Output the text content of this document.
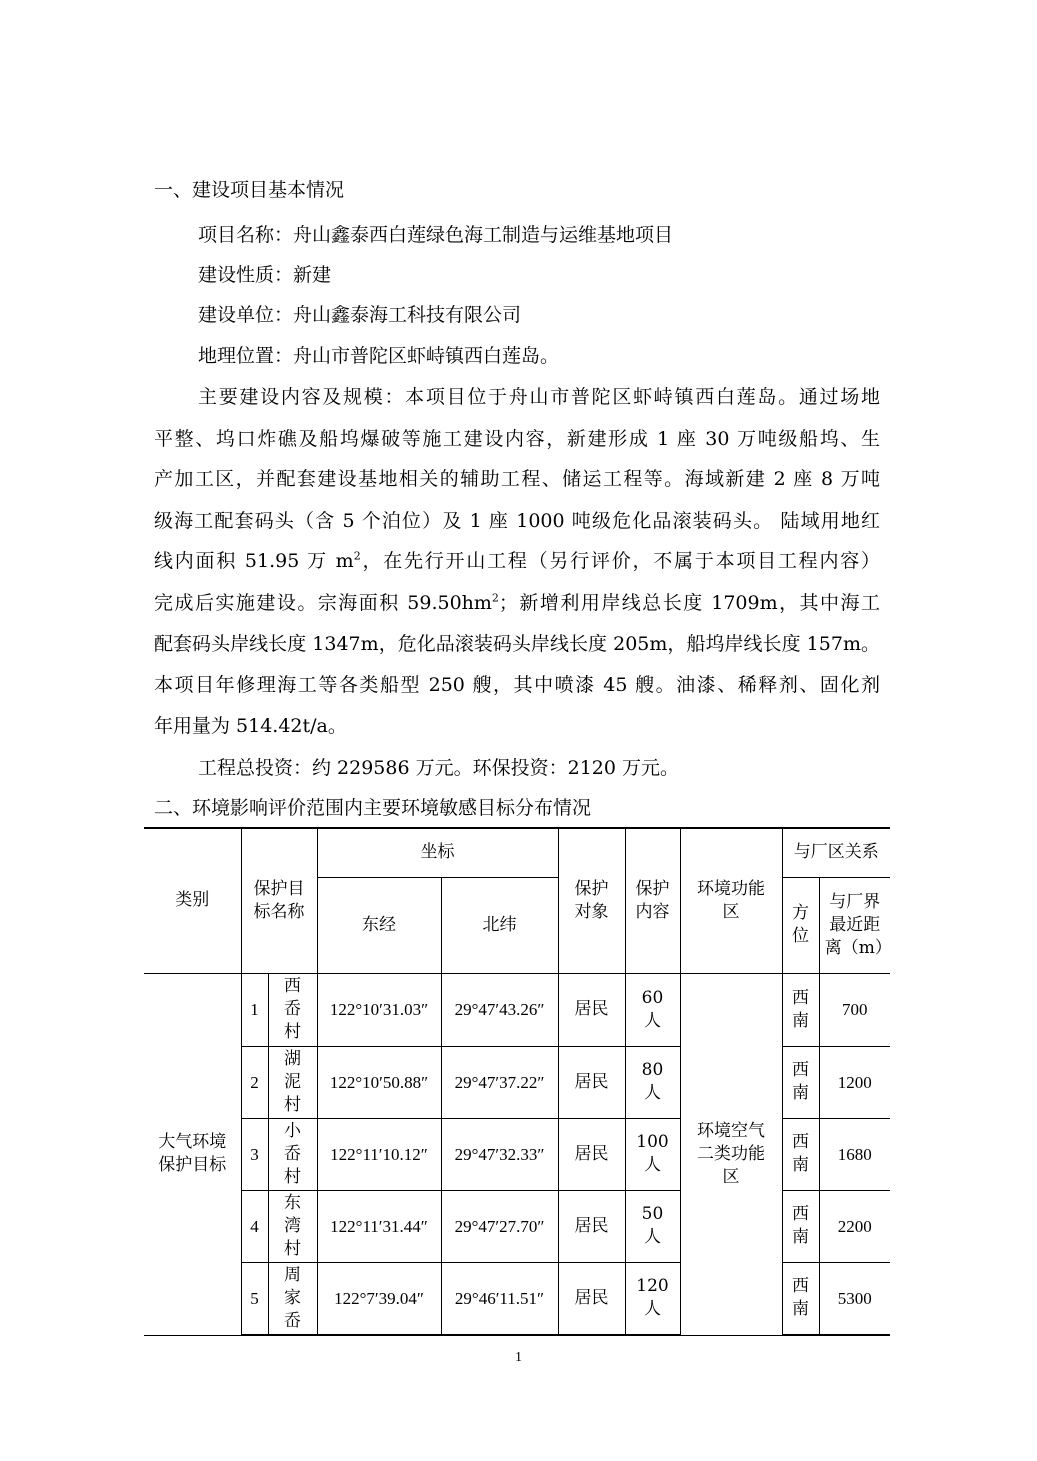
一、建设项目基本情况
项目名称：舟山鑫泰西白莲绿色海工制造与运维基地项目
建设性质：新建
建设单位：舟山鑫泰海工科技有限公司
地理位置：舟山市普陀区虾峙镇西白莲岛。
主要建设内容及规模：本项目位于舟山市普陀区虾峙镇西白莲岛。通过场地
平整、坞口炸礁及船坞爆破等施工建设内容，新建形成 1 座 30 万吨级船坞、生
产加工区，并配套建设基地相关的辅助工程、储运工程等。海域新建 2 座 8 万吨
级海工配套码头（含 5 个泊位）及 1 座 1000 吨级危化品滚装码头。 陆域用地红
线内面积 51.95 万 $m^2$，在先行开山工程（另行评价，不属于本项目工程内容）
完成后实施建设。宗海面积 $59.50hm^2$；新增利用岸线总长度 1709m，其中海工
配套码头岸线长度 1347m，危化品滚装码头岸线长度 205m，船坞岸线长度 157m。
本项目年修理海工等各类船型 250 艘，其中喷漆 45 艘。油漆、稀释剂、固化剂
年用量为 514.42t/a。
工程总投资：约 229586 万元。环保投资：2120 万元。
二、环境影响评价范围内主要环境敏感目标分布情况
类别	保护目标名称		坐标		保护对象	保护内容	环境功能区	与厂区关系	
			东经	北纬				方位	与厂界最近距离（m）
大气环境保护目标	1	西岙村	122°10′31.03″	29°47′43.26″	居民	60人	环境空气二类功能区	西南	700
	2	湖泥村	122°10′50.88″	29°47′37.22″	居民	80人		西南	1200
	3	小岙村	122°11′10.12″	29°47′32.33″	居民	100人		西南	1680
	4	东湾村	122°11′31.44″	29°47′27.70″	居民	50人		西南	2200
	5	周家岙	122°7′39.04″	29°46′11.51″	居民	120人		西南	5300
1
